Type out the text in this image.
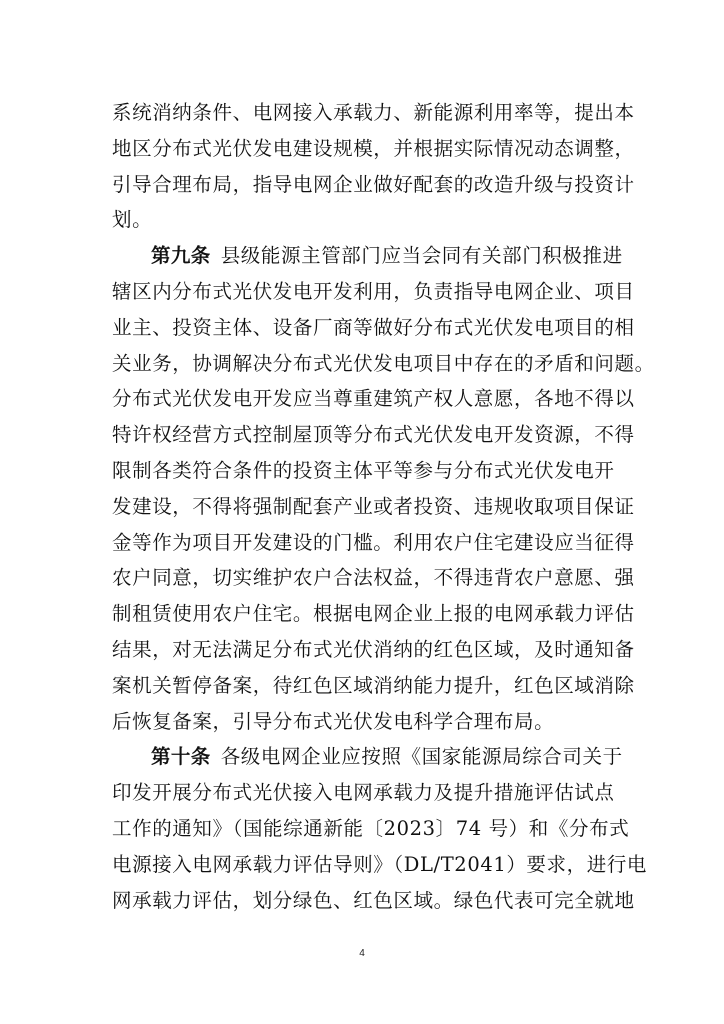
系统消纳条件、电网接入承载力、新能源利用率等，提出本
地区分布式光伏发电建设规模，并根据实际情况动态调整，
引导合理布局，指导电网企业做好配套的改造升级与投资计
划。
第九条 县级能源主管部门应当会同有关部门积极推进
辖区内分布式光伏发电开发利用，负责指导电网企业、项目
业主、投资主体、设备厂商等做好分布式光伏发电项目的相
关业务，协调解决分布式光伏发电项目中存在的矛盾和问题。
分布式光伏发电开发应当尊重建筑产权人意愿，各地不得以
特许权经营方式控制屋顶等分布式光伏发电开发资源，不得
限制各类符合条件的投资主体平等参与分布式光伏发电开
发建设，不得将强制配套产业或者投资、违规收取项目保证
金等作为项目开发建设的门槛。利用农户住宅建设应当征得
农户同意，切实维护农户合法权益，不得违背农户意愿、强
制租赁使用农户住宅。根据电网企业上报的电网承载力评估
结果，对无法满足分布式光伏消纳的红色区域，及时通知备
案机关暂停备案，待红色区域消纳能力提升，红色区域消除
后恢复备案，引导分布式光伏发电科学合理布局。
第十条 各级电网企业应按照《国家能源局综合司关于
印发开展分布式光伏接入电网承载力及提升措施评估试点
工作的通知》（国能综通新能〔2023〕74 号）和《分布式
电源接入电网承载力评估导则》（DL/T2041）要求，进行电
网承载力评估，划分绿色、红色区域。绿色代表可完全就地
4
